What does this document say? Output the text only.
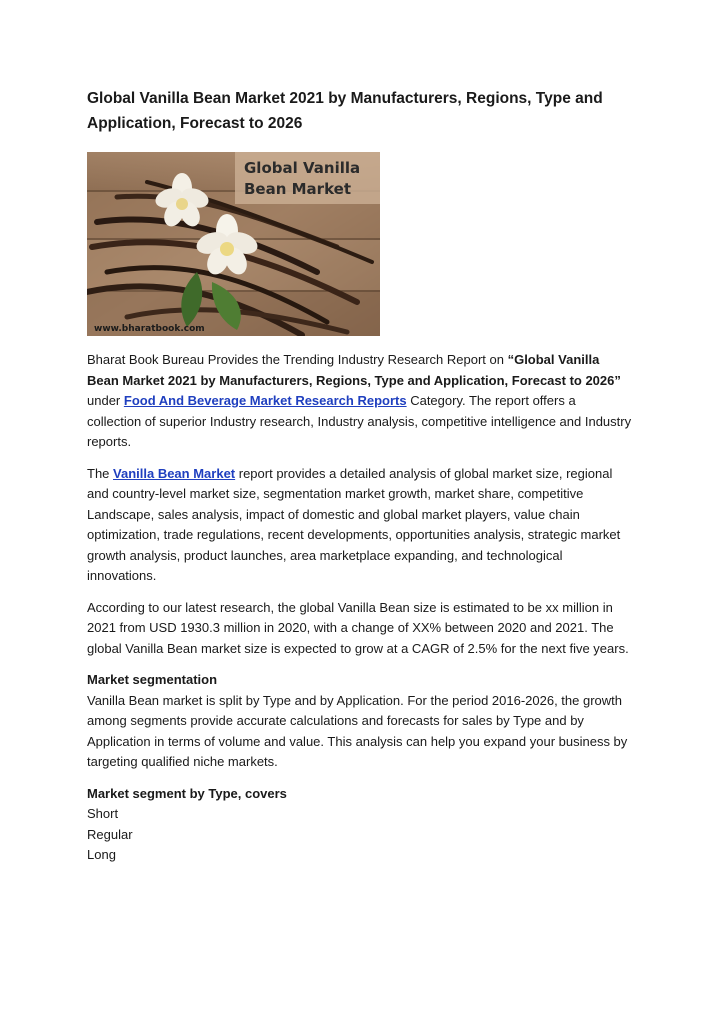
Global Vanilla Bean Market 2021 by Manufacturers, Regions, Type and Application, Forecast to 2026
Global Vanilla
Bean Market
www.bharatbook.com

Bharat Book Bureau Provides the Trending Industry Research Report on “Global Vanilla Bean Market 2021 by Manufacturers, Regions, Type and Application, Forecast to 2026” under Food And Beverage Market Research Reports Category. The report offers a collection of superior Industry research, Industry analysis, competitive intelligence and Industry reports.

The Vanilla Bean Market report provides a detailed analysis of global market size, regional and country-level market size, segmentation market growth, market share, competitive Landscape, sales analysis, impact of domestic and global market players, value chain optimization, trade regulations, recent developments, opportunities analysis, strategic market growth analysis, product launches, area marketplace expanding, and technological innovations.

According to our latest research, the global Vanilla Bean size is estimated to be xx million in 2021 from USD 1930.3 million in 2020, with a change of XX% between 2020 and 2021. The global Vanilla Bean market size is expected to grow at a CAGR of 2.5% for the next five years.

Market segmentation
Vanilla Bean market is split by Type and by Application. For the period 2016-2026, the growth among segments provide accurate calculations and forecasts for sales by Type and by Application in terms of volume and value. This analysis can help you expand your business by targeting qualified niche markets.

Market segment by Type, covers
Short
Regular
Long
